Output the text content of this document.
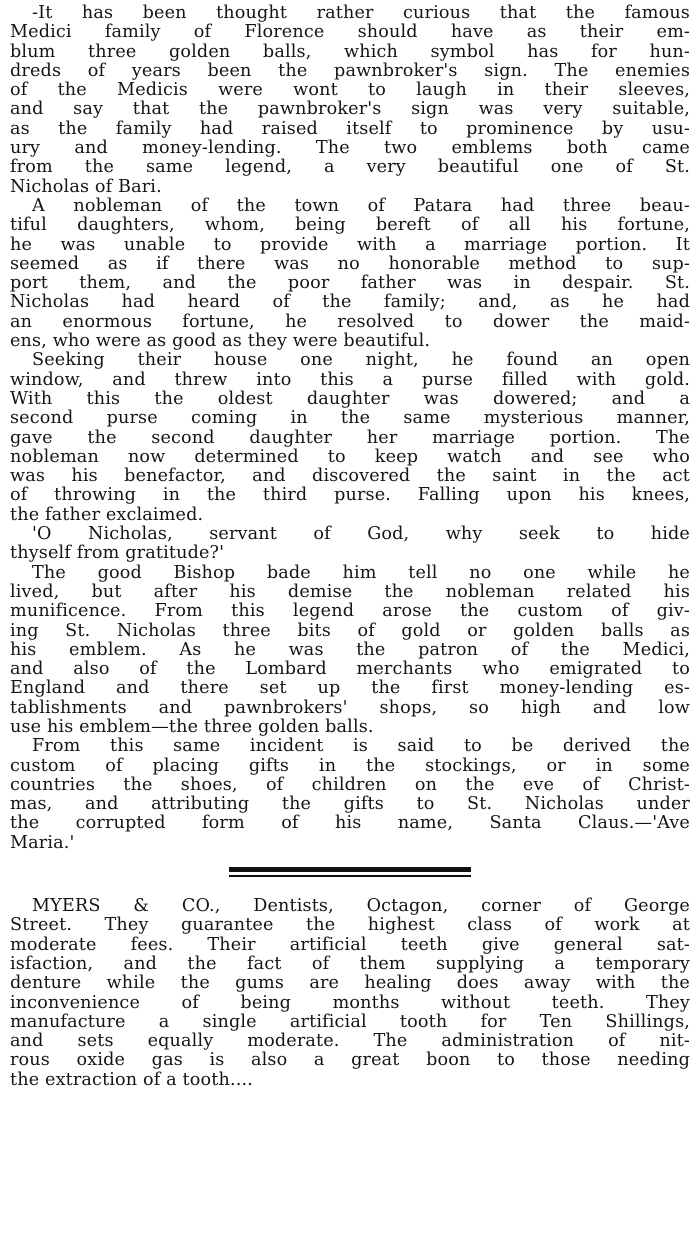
-It has been thought rather curious that the famous
Medici family of Florence should have as their em-
blum three golden balls, which symbol has for hun-
dreds of years been the pawnbroker's sign. The enemies
of the Medicis were wont to laugh in their sleeves,
and say that the pawnbroker's sign was very suitable,
as the family had raised itself to prominence by usu-
ury and money-lending. The two emblems both came
from the same legend, a very beautiful one of St.
Nicholas of Bari.
A nobleman of the town of Patara had three beau-
tiful daughters, whom, being bereft of all his fortune,
he was unable to provide with a marriage portion. It
seemed as if there was no honorable method to sup-
port them, and the poor father was in despair. St.
Nicholas had heard of the family; and, as he had
an enormous fortune, he resolved to dower the maid-
ens, who were as good as they were beautiful.
Seeking their house one night, he found an open
window, and threw into this a purse filled with gold.
With this the oldest daughter was dowered; and a
second purse coming in the same mysterious manner,
gave the second daughter her marriage portion. The
nobleman now determined to keep watch and see who
was his benefactor, and discovered the saint in the act
of throwing in the third purse. Falling upon his knees,
the father exclaimed.
'O Nicholas, servant of God, why seek to hide
thyself from gratitude?'
The good Bishop bade him tell no one while he
lived, but after his demise the nobleman related his
munificence. From this legend arose the custom of giv-
ing St. Nicholas three bits of gold or golden balls as
his emblem. As he was the patron of the Medici,
and also of the Lombard merchants who emigrated to
England and there set up the first money-lending es-
tablishments and pawnbrokers' shops, so high and low
use his emblem—the three golden balls.
From this same incident is said to be derived the
custom of placing gifts in the stockings, or in some
countries the shoes, of children on the eve of Christ-
mas, and attributing the gifts to St. Nicholas under
the corrupted form of his name, Santa Claus.—'Ave
Maria.'
MYERS & CO., Dentists, Octagon, corner of George
Street. They guarantee the highest class of work at
moderate fees. Their artificial teeth give general sat-
isfaction, and the fact of them supplying a temporary
denture while the gums are healing does away with the
inconvenience of being months without teeth. They
manufacture a single artificial tooth for Ten Shillings,
and sets equally moderate. The administration of nit-
rous oxide gas is also a great boon to those needing
the extraction of a tooth....
